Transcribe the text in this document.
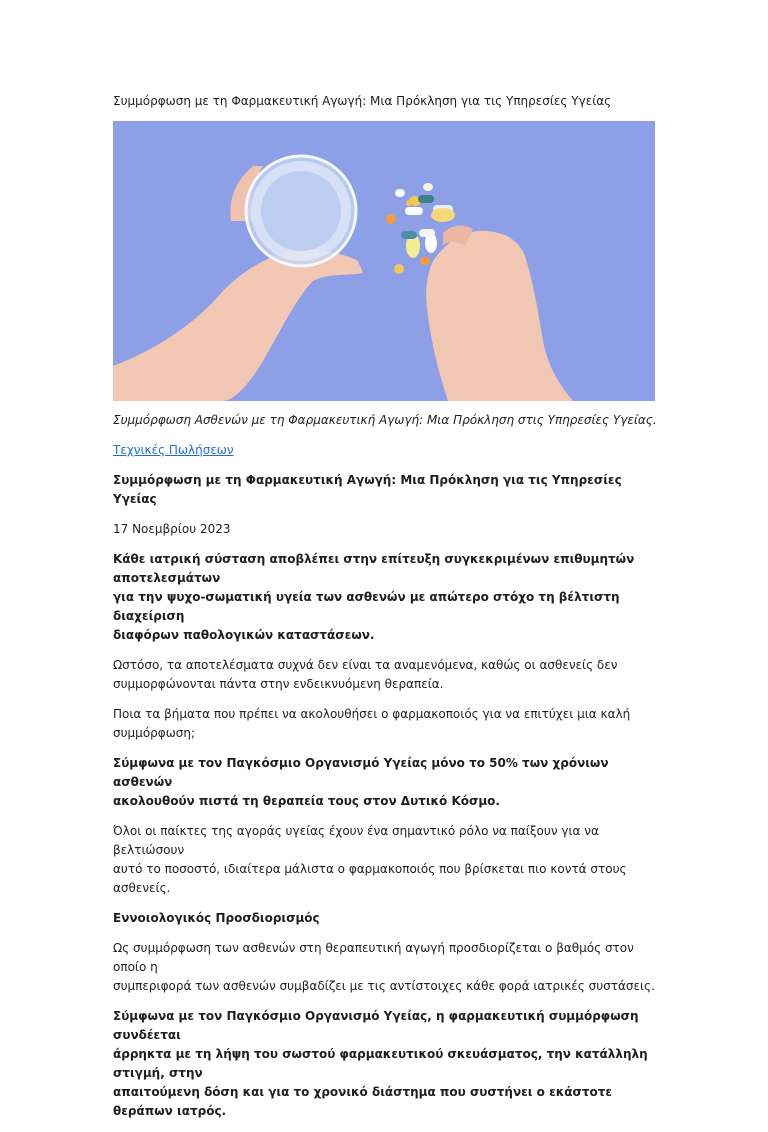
Συμμόρφωση με τη Φαρμακευτική Αγωγή: Μια Πρόκληση για τις Υπηρεσίες Υγείας

Συμμόρφωση Ασθενών με τη Φαρμακευτική Αγωγή: Μια Πρόκληση στις Υπηρεσίες Υγείας.

Τεχνικές Πωλήσεων

Συμμόρφωση με τη Φαρμακευτική Αγωγή: Μια Πρόκληση για τις Υπηρεσίες Υγείας

17 Νοεμβρίου 2023

Κάθε ιατρική σύσταση αποβλέπει στην επίτευξη συγκεκριμένων επιθυμητών αποτελεσμάτων

για την ψυχο-σωματική υγεία των ασθενών με απώτερο στόχο τη βέλτιστη διαχείριση

διαφόρων παθολογικών καταστάσεων.

Ωστόσο, τα αποτελέσματα συχνά δεν είναι τα αναμενόμενα, καθώς οι ασθενείς δεν

συμμορφώνονται πάντα στην ενδεικνυόμενη θεραπεία.

Ποια τα βήματα που πρέπει να ακολουθήσει ο φαρμακοποιός για να επιτύχει μια καλή

συμμόρφωση;

Σύμφωνα με τον Παγκόσμιο Οργανισμό Υγείας μόνο το 50% των χρόνιων ασθενών

ακολουθούν πιστά τη θεραπεία τους στον Δυτικό Κόσμο.

Όλοι οι παίκτες της αγοράς υγείας έχουν ένα σημαντικό ρόλο να παίξουν για να βελτιώσουν

αυτό το ποσοστό, ιδιαίτερα μάλιστα ο φαρμακοποιός που βρίσκεται πιο κοντά στους ασθενείς.

Εννοιολογικός Προσδιορισμός

Ως συμμόρφωση των ασθενών στη θεραπευτική αγωγή προσδιορίζεται ο βαθμός στον οποίο η

συμπεριφορά των ασθενών συμβαδίζει με τις αντίστοιχες κάθε φορά ιατρικές συστάσεις.

Σύμφωνα με τον Παγκόσμιο Οργανισμό Υγείας, η φαρμακευτική συμμόρφωση συνδέεται

άρρηκτα με τη λήψη του σωστού φαρμακευτικού σκευάσματος, την κατάλληλη στιγμή, στην

απαιτούμενη δόση και για το χρονικό διάστημα που συστήνει ο εκάστοτε θεράπων ιατρός.
